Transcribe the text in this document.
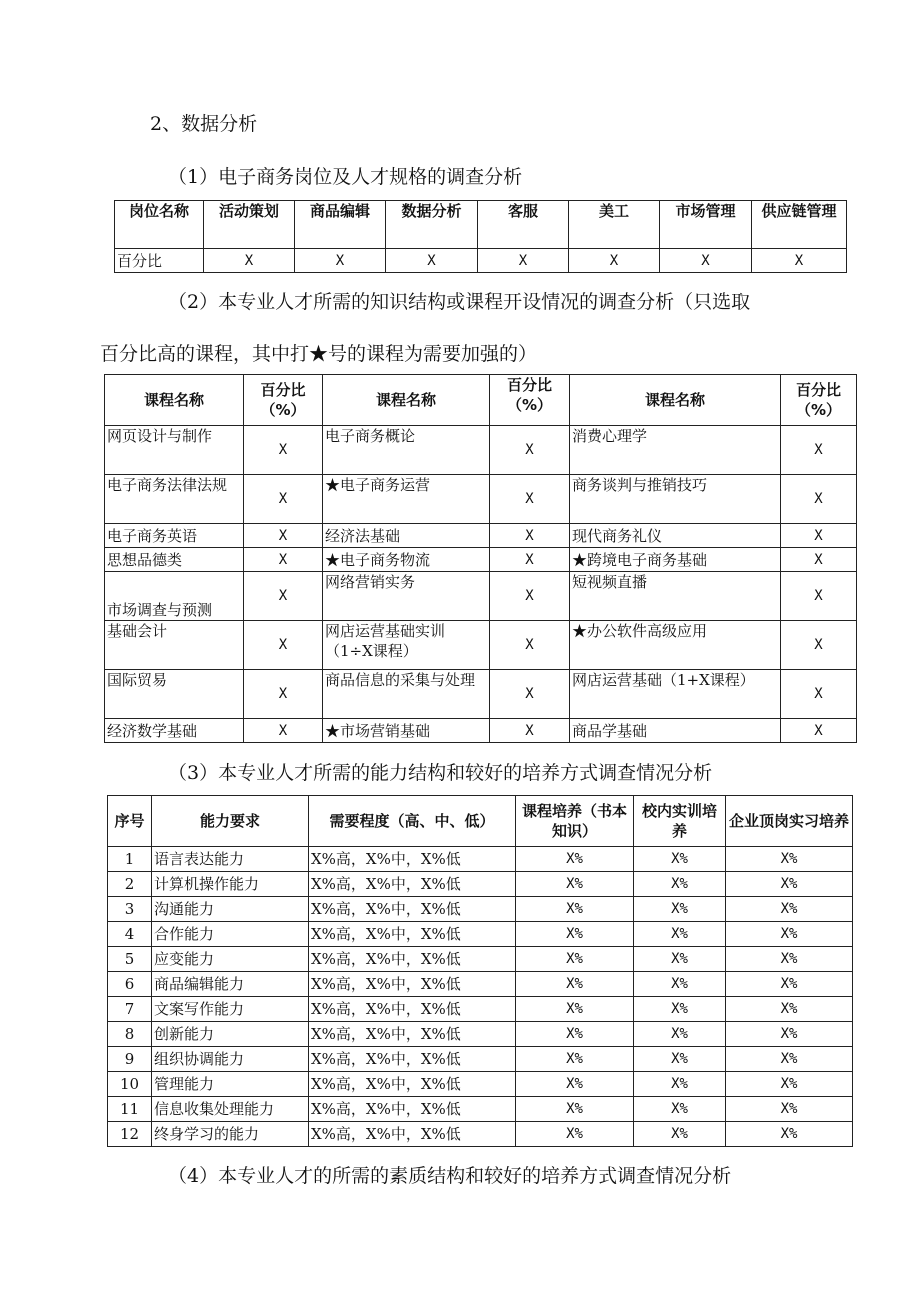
2、数据分析
（1）电子商务岗位及人才规格的调查分析
岗位名称	活动策划	商品编辑	数据分析	客服	美工	市场管理	供应链管理
百分比	X	X	X	X	X	X	X
（2）本专业人才所需的知识结构或课程开设情况的调查分析（只选取
百分比高的课程，其中打★号的课程为需要加强的）
课程名称	百分比（%）	课程名称	百分比（%）	课程名称	百分比（%）
网页设计与制作	X	电子商务概论	X	消费心理学	X
电子商务法律法规	X	★电子商务运营	X	商务谈判与推销技巧	X
电子商务英语	X	经济法基础	X	现代商务礼仪	X
思想品德类	X	★电子商务物流	X	★跨境电子商务基础	X
市场调查与预测	X	网络营销实务	X	短视频直播	X
基础会计	X	网店运营基础实训（1÷X课程）	X	★办公软件高级应用	X
国际贸易	X	商品信息的采集与处理	X	网店运营基础（1+X课程）	X
经济数学基础	X	★市场营销基础	X	商品学基础	X
（3）本专业人才所需的能力结构和较好的培养方式调查情况分析
序号	能力要求	需要程度（高、中、低）	课程培养（书本知识）	校内实训培养	企业顶岗实习培养
1	语言表达能力	X%高，X%中，X%低	X%	X%	X%
2	计算机操作能力	X%高，X%中，X%低	X%	X%	X%
3	沟通能力	X%高，X%中，X%低	X%	X%	X%
4	合作能力	X%高，X%中，X%低	X%	X%	X%
5	应变能力	X%高，X%中，X%低	X%	X%	X%
6	商品编辑能力	X%高，X%中，X%低	X%	X%	X%
7	文案写作能力	X%高，X%中，X%低	X%	X%	X%
8	创新能力	X%高，X%中，X%低	X%	X%	X%
9	组织协调能力	X%高，X%中，X%低	X%	X%	X%
10	管理能力	X%高，X%中，X%低	X%	X%	X%
11	信息收集处理能力	X%高，X%中，X%低	X%	X%	X%
12	终身学习的能力	X%高，X%中，X%低	X%	X%	X%
（4）本专业人才的所需的素质结构和较好的培养方式调查情况分析
